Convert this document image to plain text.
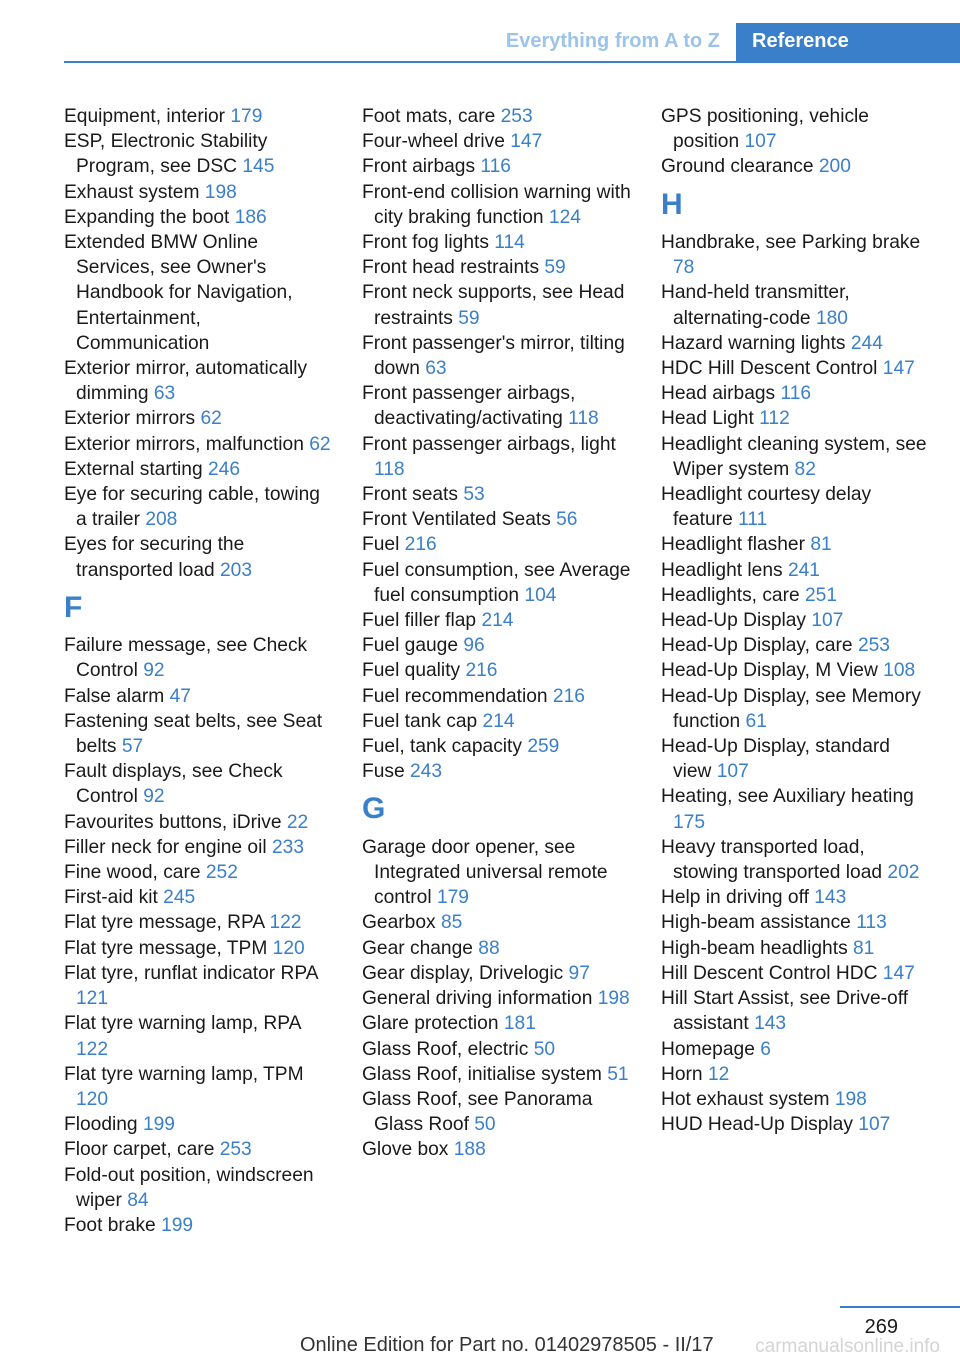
Everything from A to Z Reference
Equipment, interior 179
ESP, Electronic Stability Program, see DSC 145
Exhaust system 198
Expanding the boot 186
Extended BMW Online Services, see Owner's Handbook for Navigation, Entertainment, Communication
Exterior mirror, automatically dimming 63
Exterior mirrors 62
Exterior mirrors, malfunction 62
External starting 246
Eye for securing cable, towing a trailer 208
Eyes for securing the transported load 203
F
Failure message, see Check Control 92
False alarm 47
Fastening seat belts, see Seat belts 57
Fault displays, see Check Control 92
Favourites buttons, iDrive 22
Filler neck for engine oil 233
Fine wood, care 252
First-aid kit 245
Flat tyre message, RPA 122
Flat tyre message, TPM 120
Flat tyre, runflat indicator RPA 121
Flat tyre warning lamp, RPA 122
Flat tyre warning lamp, TPM 120
Flooding 199
Floor carpet, care 253
Fold-out position, windscreen wiper 84
Foot brake 199
Foot mats, care 253
Four-wheel drive 147
Front airbags 116
Front-end collision warning with city braking function 124
Front fog lights 114
Front head restraints 59
Front neck supports, see Head restraints 59
Front passenger's mirror, tilting down 63
Front passenger airbags, deactivating/activating 118
Front passenger airbags, light 118
Front seats 53
Front Ventilated Seats 56
Fuel 216
Fuel consumption, see Average fuel consumption 104
Fuel filler flap 214
Fuel gauge 96
Fuel quality 216
Fuel recommendation 216
Fuel tank cap 214
Fuel, tank capacity 259
Fuse 243
G
Garage door opener, see Integrated universal remote control 179
Gearbox 85
Gear change 88
Gear display, Drivelogic 97
General driving information 198
Glare protection 181
Glass Roof, electric 50
Glass Roof, initialise system 51
Glass Roof, see Panorama Glass Roof 50
Glove box 188
GPS positioning, vehicle position 107
Ground clearance 200
H
Handbrake, see Parking brake 78
Hand-held transmitter, alternating-code 180
Hazard warning lights 244
HDC Hill Descent Control 147
Head airbags 116
Head Light 112
Headlight cleaning system, see Wiper system 82
Headlight courtesy delay feature 111
Headlight flasher 81
Headlight lens 241
Headlights, care 251
Head-Up Display 107
Head-Up Display, care 253
Head-Up Display, M View 108
Head-Up Display, see Memory function 61
Head-Up Display, standard view 107
Heating, see Auxiliary heating 175
Heavy transported load, stowing transported load 202
Help in driving off 143
High-beam assistance 113
High-beam headlights 81
Hill Descent Control HDC 147
Hill Start Assist, see Drive-off assistant 143
Homepage 6
Horn 12
Hot exhaust system 198
HUD Head-Up Display 107
269
Online Edition for Part no. 01402978505 - II/17 carmanualsonline.info
